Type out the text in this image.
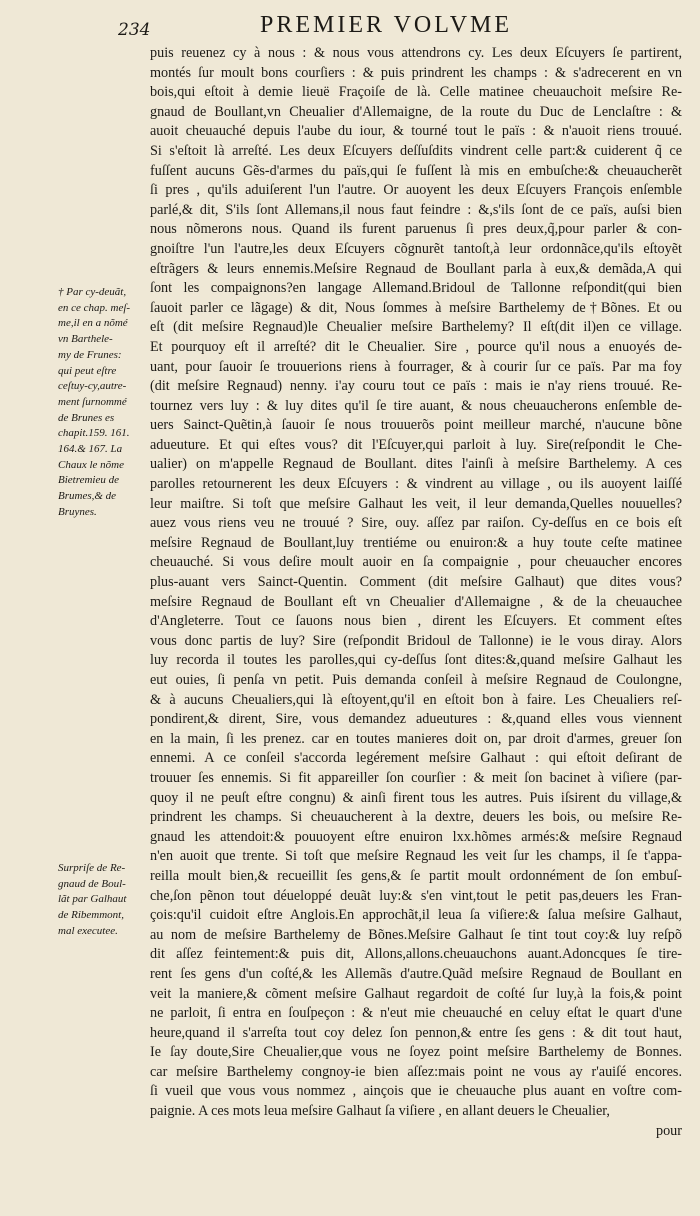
234	PREMIER VOLVME
† Par cy-deuãt,
en ce chap. meſ-
me,il en a nõmé
vn Barthele-
my de Frunes:
qui peut eſtre
ceſtuy-cy,autre-
ment ſurnommé
de Brunes es
chapit.159. 161.
164.& 167. La
Chaux le nõme
Bietremieu de
Brumes,& de
Bruynes.
Surpriſe de Re-
gnaud de Boul-
lãt par Galhaut
de Ribemmont,
mal executee.
puis reuenez cy à nous : & nous vous attendrons cy. Les deux Eſcuyers ſe partirent,
montés ſur moult bons courſiers : & puis prindrent les champs : & s'adrecerent en vn
bois,qui eſtoit à demie lieuë Fraçoiſe de là. Celle matinee cheuauchoit meſsire Re-
gnaud de Boullant,vn Cheualier d'Allemaigne, de la route du Duc de Lenclaſtre : &
auoit cheuauché depuis l'aube du iour, & tourné tout le païs : & n'auoit riens trouué.
Si s'eſtoit là arreſté. Les deux Eſcuyers deſſuſdits vindrent celle part:& cuiderent q̃ ce
fuſſent aucuns Gẽs-d'armes du païs,qui ſe fuſſent là mis en embuſche:& cheuaucherẽt
ſi pres , qu'ils aduiſerent l'un l'autre. Or auoyent les deux Eſcuyers François enſemble
parlé,& dit, S'ils ſont Allemans,il nous faut feindre : &,s'ils ſont de ce païs, auſsi bien
nous nõmerons nous. Quand ils furent paruenus ſi pres deux,q̃,pour parler & con-
gnoiſtre l'un l'autre,les deux Eſcuyers cõgnurẽt tantoſt,à leur ordonnãce,qu'ils eſtoyẽt
eſtrãgers & leurs ennemis.Meſsire Regnaud de Boullant parla à eux,& demãda,A qui
ſont les compaignons?en langage Allemand.Bridoul de Tallonne reſpondit(qui bien
ſauoit parler ce lãgage) & dit, Nous ſommes à meſsire Barthelemy de†Bõnes. Et ou
eſt (dit meſsire Regnaud)le Cheualier meſsire Barthelemy? Il eſt(dit il)en ce village.
Et pourquoy eſt il arreſté? dit le Cheualier. Sire , pource qu'il nous a enuoyés de-
uant, pour ſauoir ſe trouuerions riens à fourrager, & à courir ſur ce païs. Par ma foy
(dit meſsire Regnaud) nenny. i'ay couru tout ce païs : mais ie n'ay riens trouué. Re-
tournez vers luy : & luy dites qu'il ſe tire auant, & nous cheuaucherons enſemble de-
uers Sainct-Quẽtin,à ſauoir ſe nous trouuerõs point meilleur marché, n'aucune bõne
adueuture. Et qui eſtes vous? dit l'Eſcuyer,qui parloit à luy. Sire(reſpondit le Che-
ualier) on m'appelle Regnaud de Boullant. dites l'ainſi à meſsire Barthelemy. A ces
parolles retournerent les deux Eſcuyers : & vindrent au village , ou ils auoyent laiſſé
leur maiſtre. Si toſt que meſsire Galhaut les veit, il leur demanda,Quelles nouuelles?
auez vous riens veu ne trouué ? Sire, ouy. aſſez par raiſon. Cy-deſſus en ce bois eſt
meſsire Regnaud de Boullant,luy trentiéme ou enuiron:& a huy toute ceſte matinee
cheuauché. Si vous deſire moult auoir en ſa compaignie , pour cheuaucher encores
plus-auant vers Sainct-Quentin. Comment (dit meſsire Galhaut) que dites vous?
meſsire Regnaud de Boullant eſt vn Cheualier d'Allemaigne , & de la cheuauchee
d'Angleterre. Tout ce ſauons nous bien , dirent les Eſcuyers. Et comment eſtes
vous donc partis de luy? Sire (reſpondit Bridoul de Tallonne) ie le vous diray. Alors
luy recorda il toutes les parolles,qui cy-deſſus ſont dites:&,quand meſsire Galhaut les
eut ouies, ſi penſa vn petit. Puis demanda conſeil à meſsire Regnaud de Coulongne,
& à aucuns Cheualiers,qui là eſtoyent,qu'il en eſtoit bon à faire. Les Cheualiers reſ-
pondirent,& dirent, Sire, vous demandez adueutures : &,quand elles vous viennent
en la main, ſi les prenez. car en toutes manieres doit on, par droit d'armes, greuer ſon
ennemi. A ce conſeil s'accorda legérement meſsire Galhaut : qui eſtoit deſirant de
trouuer ſes ennemis. Si fit appareiller ſon courſier : & meit ſon bacinet à viſiere (par-
quoy il ne peuſt eſtre congnu) & ainſi firent tous les autres. Puis iſsirent du village,&
prindrent les champs. Si cheuaucherent à la dextre, deuers les bois, ou meſsire Re-
gnaud les attendoit:& pouuoyent eſtre enuiron lxx.hõmes armés:& meſsire Regnaud
n'en auoit que trente. Si toſt que meſsire Regnaud les veit ſur les champs, il ſe t'appa-
reilla moult bien,& recueillit ſes gens,& ſe partit moult ordonnément de ſon embuſ-
che,ſon pẽnon tout déueloppé deuãt luy:& s'en vint,tout le petit pas,deuers les Fran-
çois:qu'il cuidoit eſtre Anglois.En approchãt,il leua ſa viſiere:& ſalua meſsire Galhaut,
au nom de meſsire Barthelemy de Bõnes.Meſsire Galhaut ſe tint tout coy:& luy reſpõ
dit aſſez feintement:& puis dit, Allons,allons.cheuauchons auant.Adoncques ſe tire-
rent ſes gens d'un coſté,& les Allemãs d'autre.Quãd meſsire Regnaud de Boullant en
veit la maniere,& cõment meſsire Galhaut regardoit de coſté ſur luy,à la fois,& point
ne parloit, ſi entra en ſouſpeçon : & n'eut mie cheuauché en celuy eſtat le quart d'une
heure,quand il s'arreſta tout coy delez ſon pennon,& entre ſes gens : & dit tout haut,
Ie ſay doute,Sire Cheualier,que vous ne ſoyez point meſsire Barthelemy de Bonnes.
car meſsire Barthelemy congnoy-ie bien aſſez:mais point ne vous ay r'auiſé encores.
ſi vueil que vous vous nommez , ainçois que ie cheuauche plus auant en voſtre com-
paignie. A ces mots leua meſsire Galhaut ſa viſiere , en allant deuers le Cheualier,
pour
